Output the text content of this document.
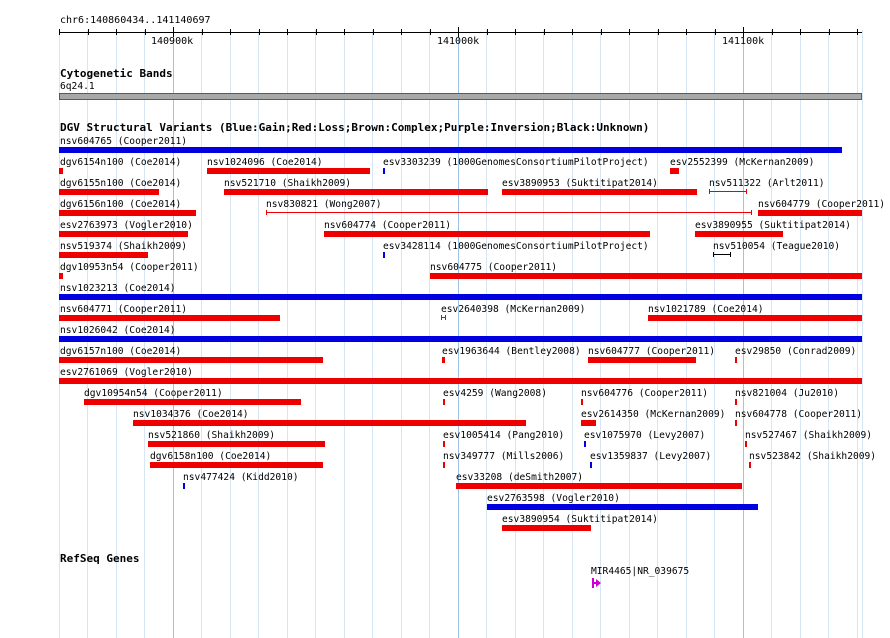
chr6:140860434..141140697
140900k	141000k	141100k
Cytogenetic Bands
6q24.1
DGV Structural Variants (Blue:Gain;Red:Loss;Brown:Complex;Purple:Inversion;Black:Unknown)
nsv604765 (Cooper2011)
dgv6154n100 (Coe2014)	nsv1024096 (Coe2014)	esv3303239 (1000GenomesConsortiumPilotProject) esv2552399 (McKernan2009)
dgv6155n100 (Coe2014)	nsv521710 (Shaikh2009)	esv3890953 (Suktitipat2014)	nsv511322 (Arlt2011)
dgv6156n100 (Coe2014)	nsv830821 (Wong2007)	nsv604779 (Cooper2011)
esv2763973 (Vogler2010)	nsv604774 (Cooper2011)	esv3890955 (Suktitipat2014)
nsv519374 (Shaikh2009)	esv3428114 (1000GenomesConsortiumPilotProject)	nsv510054 (Teague2010)
dgv10953n54 (Cooper2011)	nsv604775 (Cooper2011)
nsv1023213 (Coe2014)
nsv604771 (Cooper2011)	esv2640398 (McKernan2009)	nsv1021789 (Coe2014)
nsv1026042 (Coe2014)
dgv6157n100 (Coe2014)	esv1963644 (Bentley2008) nsv604777 (Cooper2011) esv29850 (Conrad2009)
esv2761069 (Vogler2010)
dgv10954n54 (Cooper2011)	esv4259 (Wang2008)	nsv604776 (Cooper2011)	nsv821004 (Ju2010)
nsv1034376 (Coe2014)	esv2614350 (McKernan2009) nsv604778 (Cooper2011)
nsv521860 (Shaikh2009)	esv1005414 (Pang2010) esv1075970 (Levy2007)	nsv527467 (Shaikh2009)
dgv6158n100 (Coe2014)	nsv349777 (Mills2006)	esv1359837 (Levy2007)	nsv523842 (Shaikh2009)
nsv477424 (Kidd2010)	esv33208 (deSmith2007)
esv2763598 (Vogler2010)
esv3890954 (Suktitipat2014)
RefSeq Genes
MIR4465|NR_039675
